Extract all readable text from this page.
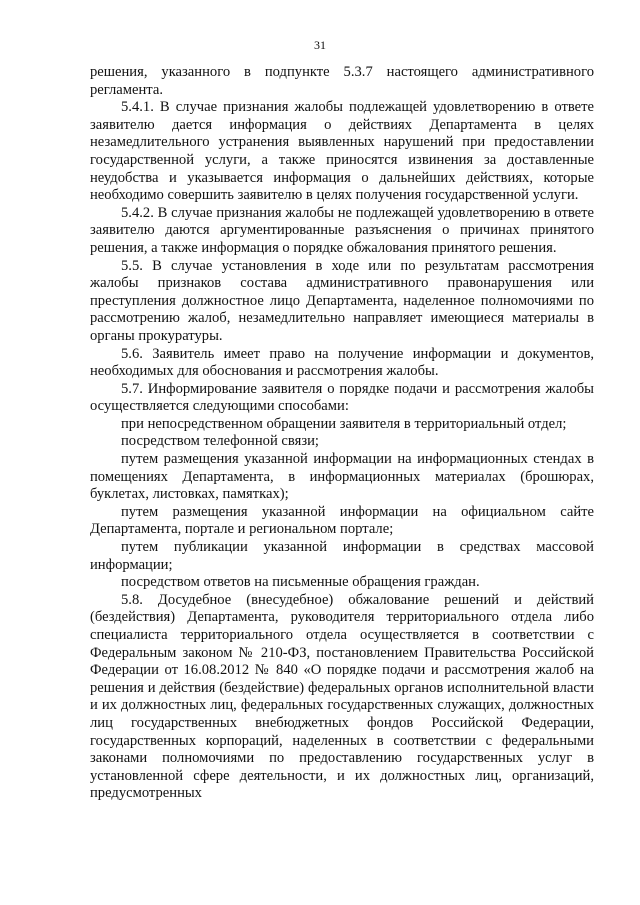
31

решения, указанного в подпункте 5.3.7 настоящего административного регламента.

5.4.1. В случае признания жалобы подлежащей удовлетворению в ответе заявителю дается информация о действиях Департамента в целях незамедлительного устранения выявленных нарушений при предоставлении государственной услуги, а также приносятся извинения за доставленные неудобства и указывается информация о дальнейших действиях, которые необходимо совершить заявителю в целях получения государственной услуги.

5.4.2. В случае признания жалобы не подлежащей удовлетворению в ответе заявителю даются аргументированные разъяснения о причинах принятого решения, а также информация о порядке обжалования принятого решения.

5.5. В случае установления в ходе или по результатам рассмотрения жалобы признаков состава административного правонарушения или преступления должностное лицо Департамента, наделенное полномочиями по рассмотрению жалоб, незамедлительно направляет имеющиеся материалы в органы прокуратуры.

5.6. Заявитель имеет право на получение информации и документов, необходимых для обоснования и рассмотрения жалобы.

5.7. Информирование заявителя о порядке подачи и рассмотрения жалобы осуществляется следующими способами:

при непосредственном обращении заявителя в территориальный отдел;

посредством телефонной связи;

путем размещения указанной информации на информационных стендах в помещениях Департамента, в информационных материалах (брошюрах, буклетах, листовках, памятках);

путем размещения указанной информации на официальном сайте Департамента, портале и региональном портале;

путем публикации указанной информации в средствах массовой информации;

посредством ответов на письменные обращения граждан.

5.8. Досудебное (внесудебное) обжалование решений и действий (бездействия) Департамента, руководителя территориального отдела либо специалиста территориального отдела осуществляется в соответствии с Федеральным законом № 210-ФЗ, постановлением Правительства Российской Федерации от 16.08.2012 № 840 «О порядке подачи и рассмотрения жалоб на решения и действия (бездействие) федеральных органов исполнительной власти и их должностных лиц, федеральных государственных служащих, должностных лиц государственных внебюджетных фондов Российской Федерации, государственных корпораций, наделенных в соответствии с федеральными законами полномочиями по предоставлению государственных услуг в установленной сфере деятельности, и их должностных лиц, организаций, предусмотренных
